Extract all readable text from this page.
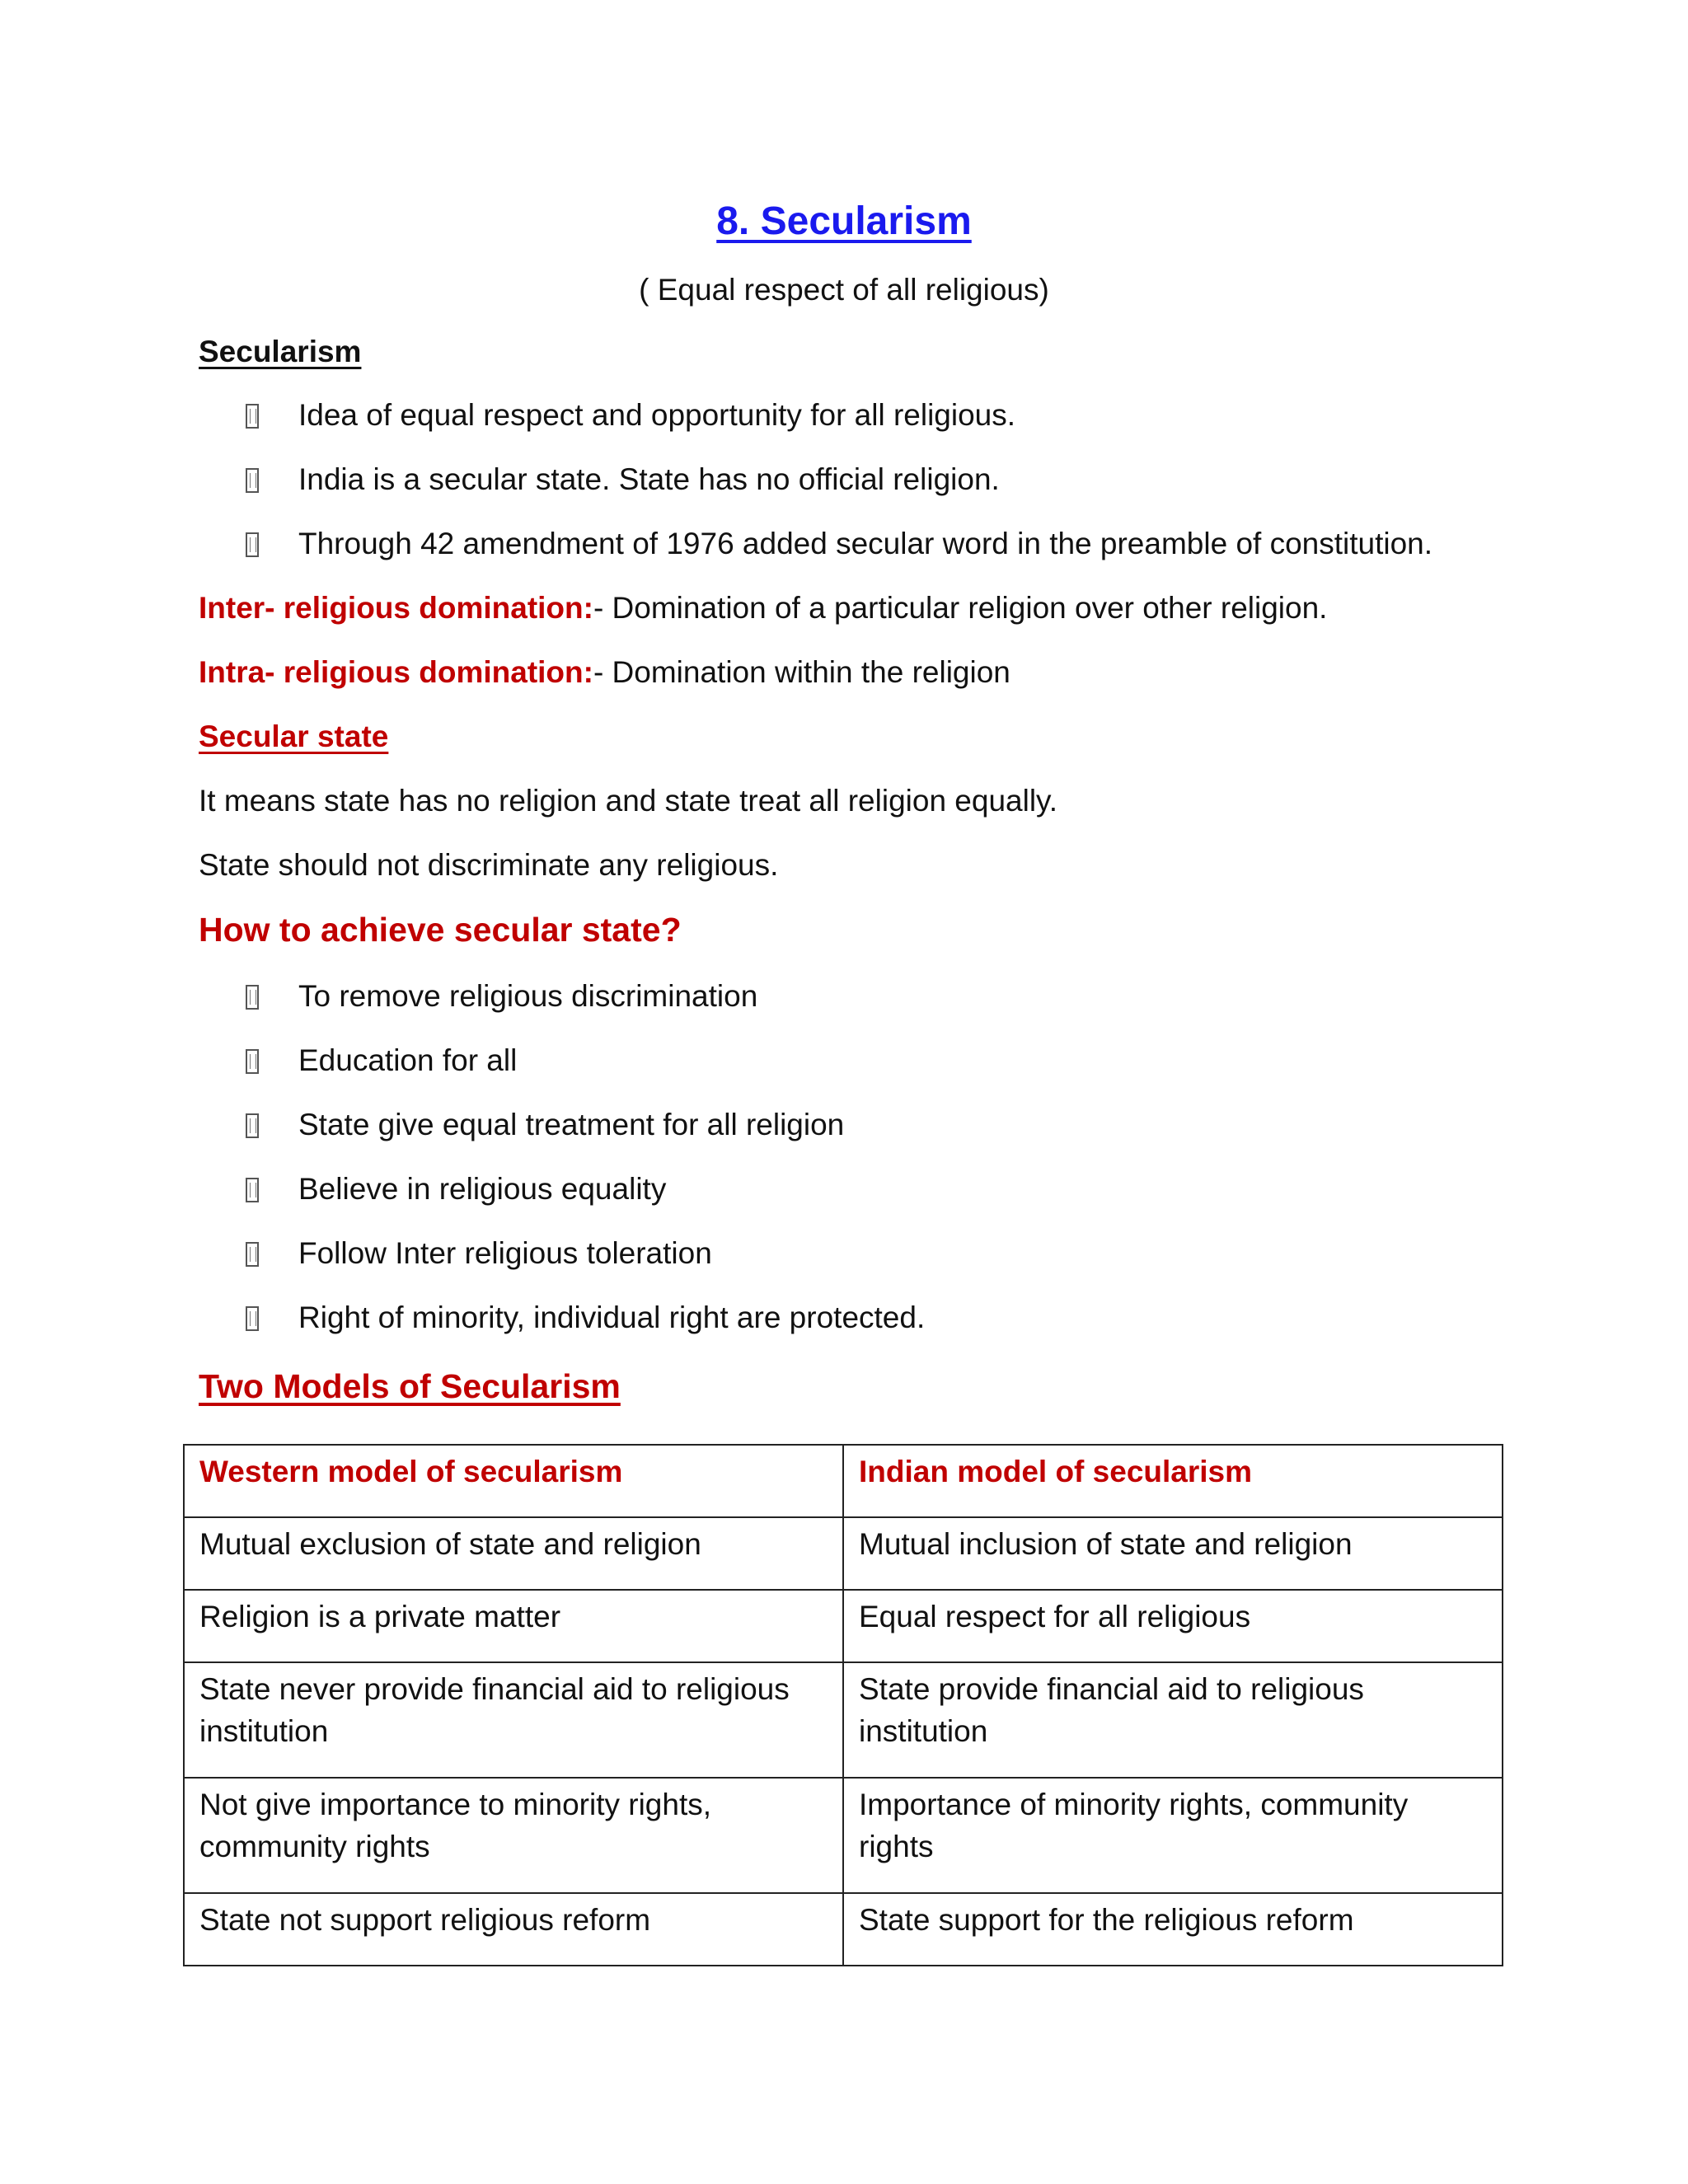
8. Secularism
( Equal respect of all religious)
Secularism
Idea of equal respect and opportunity for all religious.
India is a secular state. State has no official religion.
Through 42 amendment of 1976 added secular word in the preamble of constitution.
Inter- religious domination:- Domination of a particular religion over other religion.
Intra- religious domination:- Domination within the religion
Secular state
It means state has no religion and state treat all religion equally.
State should not discriminate any religious.
How to achieve secular state?
To remove religious discrimination
Education for all
State give equal treatment for all religion
Believe in religious equality
Follow Inter religious toleration
Right of minority, individual right are protected.
Two Models of Secularism
Western model of secularism	Indian model of secularism
Mutual exclusion of state and religion	Mutual inclusion of state and religion
Religion is a private matter	Equal respect for all religious
State never provide financial aid to religious institution	State provide financial aid to religious institution
Not give importance to minority rights, community rights	Importance of minority rights, community rights
State not support religious reform	State support for the religious reform
